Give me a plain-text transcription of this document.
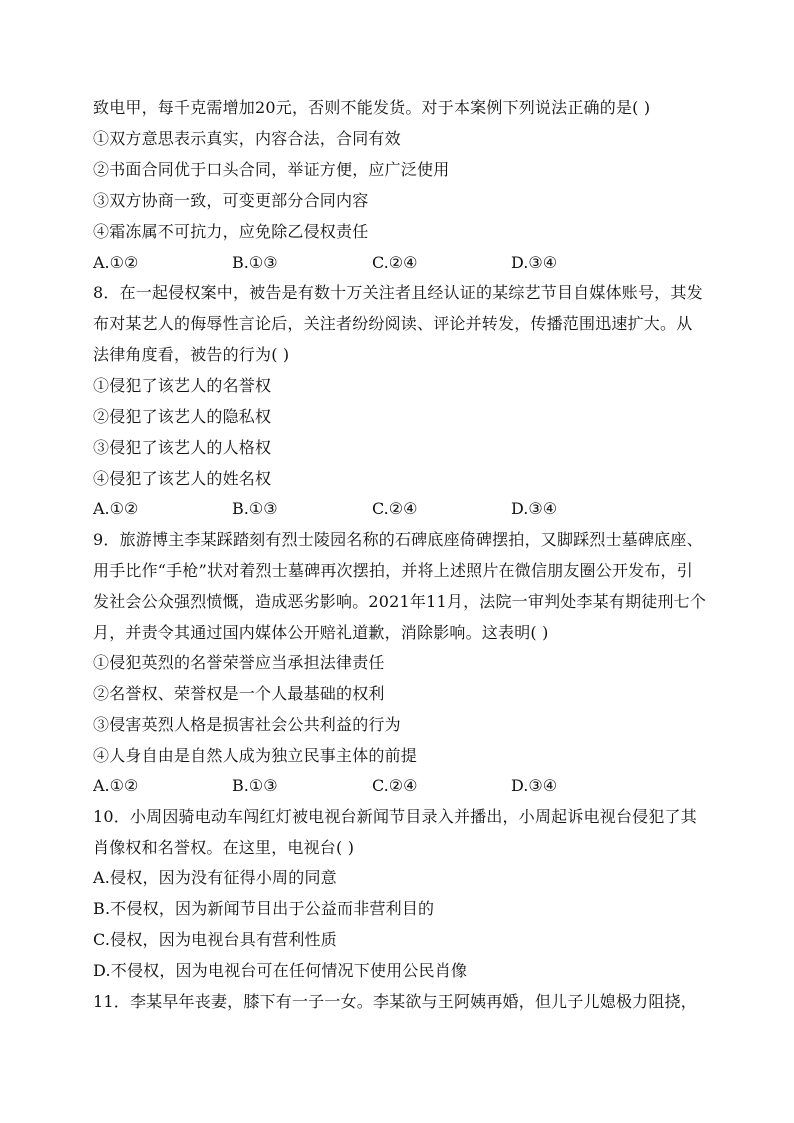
致电甲，每千克需增加20元，否则不能发货。对于本案例下列说法正确的是( )
①双方意思表示真实，内容合法，合同有效
②书面合同优于口头合同，举证方便，应广泛使用
③双方协商一致，可变更部分合同内容
④霜冻属不可抗力，应免除乙侵权责任
A.①②	B.①③	C.②④	D.③④
8．在一起侵权案中，被告是有数十万关注者且经认证的某综艺节目自媒体账号，其发
布对某艺人的侮辱性言论后，关注者纷纷阅读、评论并转发，传播范围迅速扩大。从
法律角度看，被告的行为( )
①侵犯了该艺人的名誉权
②侵犯了该艺人的隐私权
③侵犯了该艺人的人格权
④侵犯了该艺人的姓名权
A.①②	B.①③	C.②④	D.③④
9．旅游博主李某踩踏刻有烈士陵园名称的石碑底座倚碑摆拍，又脚踩烈士墓碑底座、
用手比作“手枪”状对着烈士墓碑再次摆拍，并将上述照片在微信朋友圈公开发布，引
发社会公众强烈愤慨，造成恶劣影响。2021年11月，法院一审判处李某有期徒刑七个
月，并责令其通过国内媒体公开赔礼道歉，消除影响。这表明( )
①侵犯英烈的名誉荣誉应当承担法律责任
②名誉权、荣誉权是一个人最基础的权利
③侵害英烈人格是损害社会公共利益的行为
④人身自由是自然人成为独立民事主体的前提
A.①②	B.①③	C.②④	D.③④
10．小周因骑电动车闯红灯被电视台新闻节目录入并播出，小周起诉电视台侵犯了其
肖像权和名誉权。在这里，电视台( )
A.侵权，因为没有征得小周的同意
B.不侵权，因为新闻节目出于公益而非营利目的
C.侵权，因为电视台具有营利性质
D.不侵权，因为电视台可在任何情况下使用公民肖像
11．李某早年丧妻，膝下有一子一女。李某欲与王阿姨再婚，但儿子儿媳极力阻挠，
